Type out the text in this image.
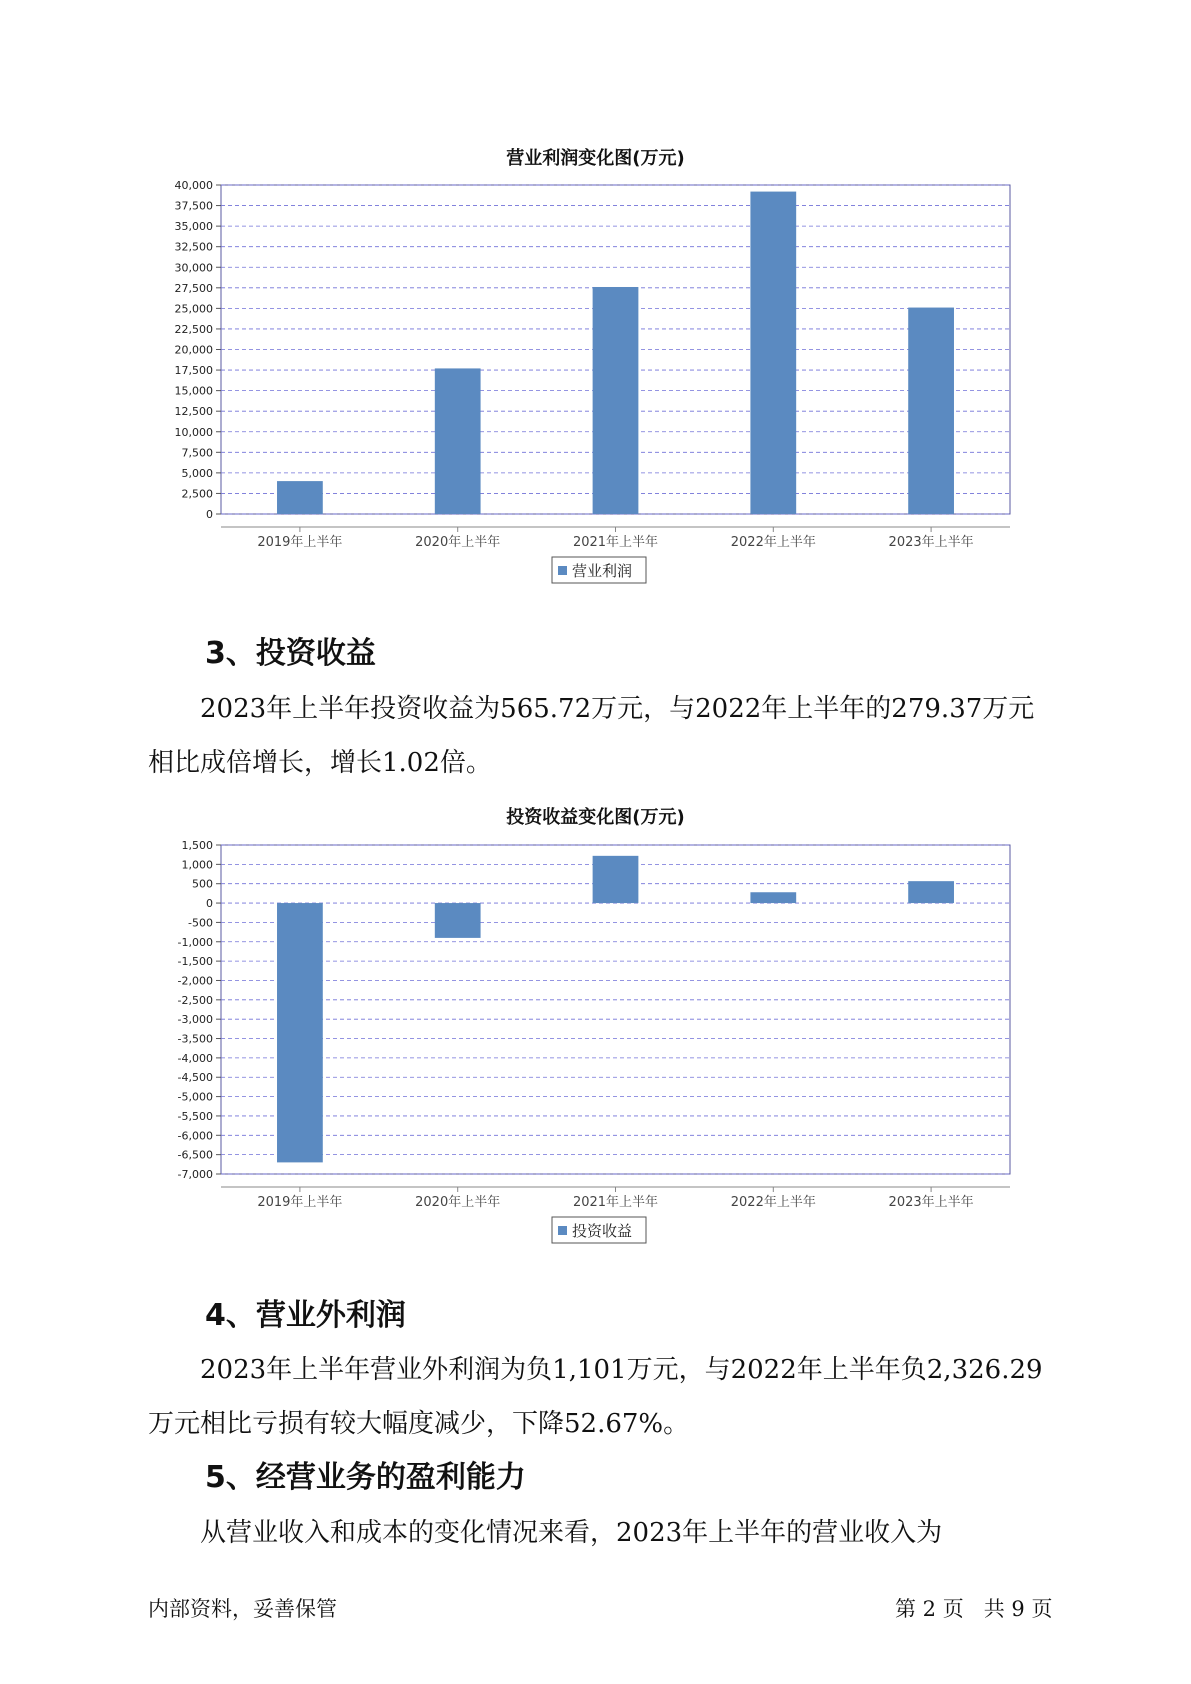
营业利润变化图(万元)
0
2,500
5,000
7,500
10,000
12,500
15,000
17,500
20,000
22,500
25,000
27,500
30,000
32,500
35,000
37,500
40,000
2019年上半年	2020年上半年	2021年上半年	2022年上半年	2023年上半年
营业利润
3、投资收益
2023年上半年投资收益为565.72万元，与2022年上半年的279.37万元
相比成倍增长，增长1.02倍。
投资收益变化图(万元)
1,500
1,000
500
0
-500
-1,000
-1,500
-2,000
-2,500
-3,000
-3,500
-4,000
-4,500
-5,000
-5,500
-6,000
-6,500
-7,000
2019年上半年	2020年上半年	2021年上半年	2022年上半年	2023年上半年
投资收益
4、营业外利润
2023年上半年营业外利润为负1,101万元，与2022年上半年负2,326.29
万元相比亏损有较大幅度减少，下降52.67%。
5、经营业务的盈利能力
从营业收入和成本的变化情况来看，2023年上半年的营业收入为
内部资料，妥善保管	第 2 页   共 9 页
